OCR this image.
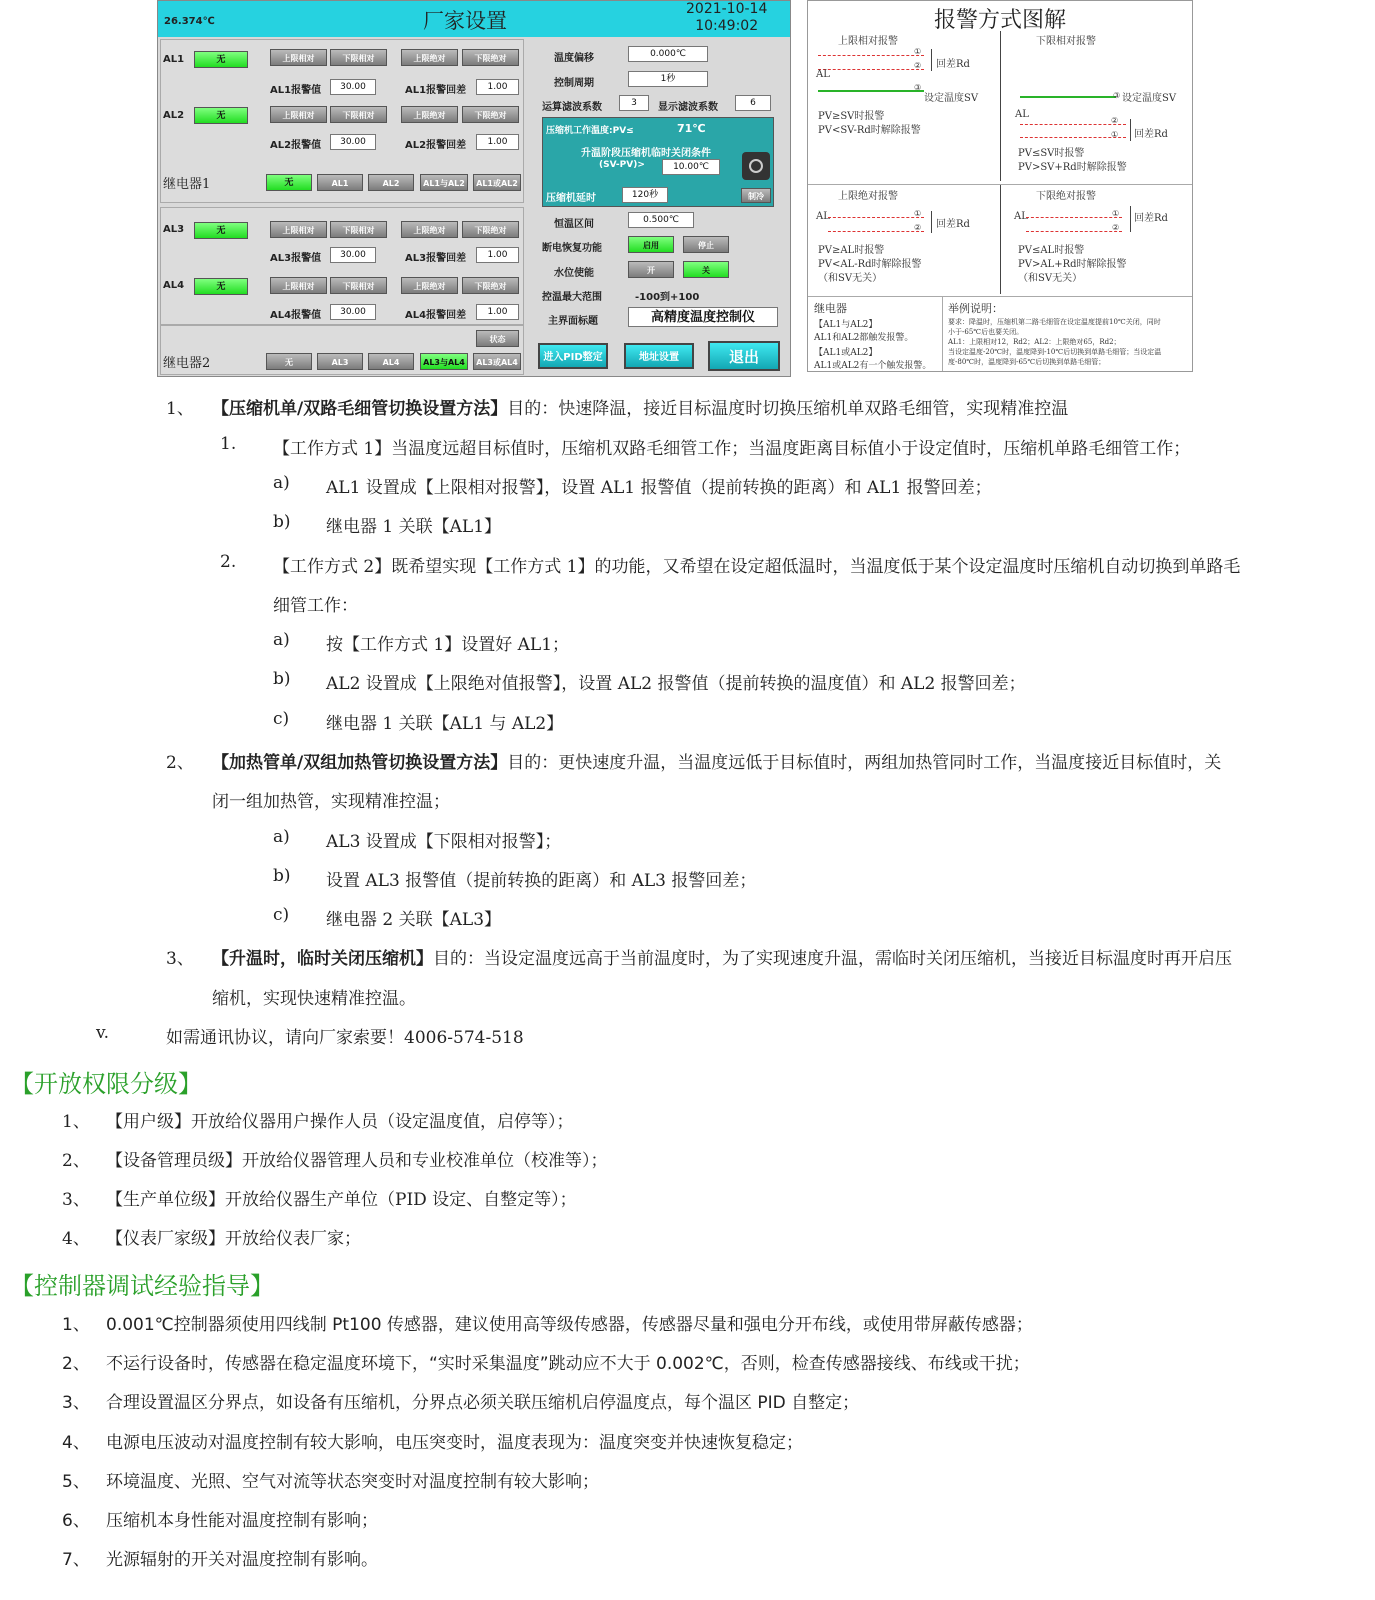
26.374℃	厂家设置	2021-10-14
10:49:02
AL1	无	上限相对	下限相对	上限绝对	下限绝对
AL1报警值	30.00	AL1报警回差	1.00
AL2	无	上限相对	下限相对	上限绝对	下限绝对
AL2报警值	30.00	AL2报警回差	1.00
继电器1	无	AL1	AL2	AL1与AL2	AL1或AL2
AL3	无	上限相对	下限相对	上限绝对	下限绝对
AL3报警值	30.00	AL3报警回差	1.00
AL4	无	上限相对	下限相对	上限绝对	下限绝对
AL4报警值	30.00	AL4报警回差	1.00
状态
继电器2	无	AL3	AL4	AL3与AL4	AL3或AL4
温度偏移	0.000℃
控制周期	1秒
运算滤波系数	3	显示滤波系数	6
压缩机工作温度:PV≤	71℃
升温阶段压缩机临时关闭条件
(SV-PV)>	10.00℃
压缩机延时	120秒	制冷
恒温区间	0.500℃
断电恢复功能	启用	停止
水位使能	开	关
控温最大范围	-100到+100
主界面标题	高精度温度控制仪
进入PID整定	地址设置	退出
报警方式图解
上限相对报警
①
② 回差Rd
AL
③
设定温度SV
PV≥SV时报警
PV<SV-Rd时解除报警
下限相对报警
③ 设定温度SV
AL
②
① 回差Rd
PV≤SV时报警
PV>SV+Rd时解除报警
上限绝对报警
AL	①
② 回差Rd
PV≥AL时报警
PV<AL-Rd时解除报警
（和SV无关）
下限绝对报警
AL	①
②
回差Rd
PV≤AL时报警
PV>AL+Rd时解除报警
（和SV无关）
继电器
【AL1与AL2】
AL1和AL2都触发报警。
【AL1或AL2】
AL1或AL2有一个触发报警。
举例说明：
要求：降温时，压缩机第二路毛细管在设定温度提前10℃关闭，同时
小于-65℃后也要关闭。
AL1：上限相对12，Rd2；AL2：上限绝对65，Rd2；
当设定温度-20℃时，温度降到-10℃后切换到单路毛细管；当设定温
度-80℃时，温度降到-65℃后切换到单路毛细管；
1、 【压缩机单/双路毛细管切换设置方法】目的：快速降温，接近目标温度时切换压缩机单双路毛细管，实现精准控温
1. 【工作方式 1】当温度远超目标值时，压缩机双路毛细管工作；当温度距离目标值小于设定值时，压缩机单路毛细管工作；
a) AL1 设置成【上限相对报警】，设置 AL1 报警值（提前转换的距离）和 AL1 报警回差；
b) 继电器 1 关联【AL1】
2. 【工作方式 2】既希望实现【工作方式 1】的功能，又希望在设定超低温时，当温度低于某个设定温度时压缩机自动切换到单路毛
细管工作：
a) 按【工作方式 1】设置好 AL1；
b) AL2 设置成【上限绝对值报警】，设置 AL2 报警值（提前转换的温度值）和 AL2 报警回差；
c) 继电器 1 关联【AL1 与 AL2】
2、 【加热管单/双组加热管切换设置方法】目的：更快速度升温，当温度远低于目标值时，两组加热管同时工作，当温度接近目标值时，关
闭一组加热管，实现精准控温；
a) AL3 设置成【下限相对报警】；
b) 设置 AL3 报警值（提前转换的距离）和 AL3 报警回差；
c) 继电器 2 关联【AL3】
3、 【升温时，临时关闭压缩机】目的：当设定温度远高于当前温度时，为了实现速度升温，需临时关闭压缩机，当接近目标温度时再开启压
缩机，实现快速精准控温。
v.	如需通讯协议，请向厂家索要！4006-574-518
【开放权限分级】
1、 【用户级】开放给仪器用户操作人员（设定温度值，启停等）；
2、 【设备管理员级】开放给仪器管理人员和专业校准单位（校准等）；
3、 【生产单位级】开放给仪器生产单位（PID 设定、自整定等）；
4、 【仪表厂家级】开放给仪表厂家；
【控制器调试经验指导】
1、 0.001℃控制器须使用四线制 Pt100 传感器，建议使用高等级传感器，传感器尽量和强电分开布线，或使用带屏蔽传感器；
2、 不运行设备时，传感器在稳定温度环境下，“实时采集温度”跳动应不大于 0.002℃，否则，检查传感器接线、布线或干扰；
3、 合理设置温区分界点，如设备有压缩机，分界点必须关联压缩机启停温度点，每个温区 PID 自整定；
4、 电源电压波动对温度控制有较大影响，电压突变时，温度表现为：温度突变并快速恢复稳定；
5、 环境温度、光照、空气对流等状态突变时对温度控制有较大影响；
6、 压缩机本身性能对温度控制有影响；
7、 光源辐射的开关对温度控制有影响。
